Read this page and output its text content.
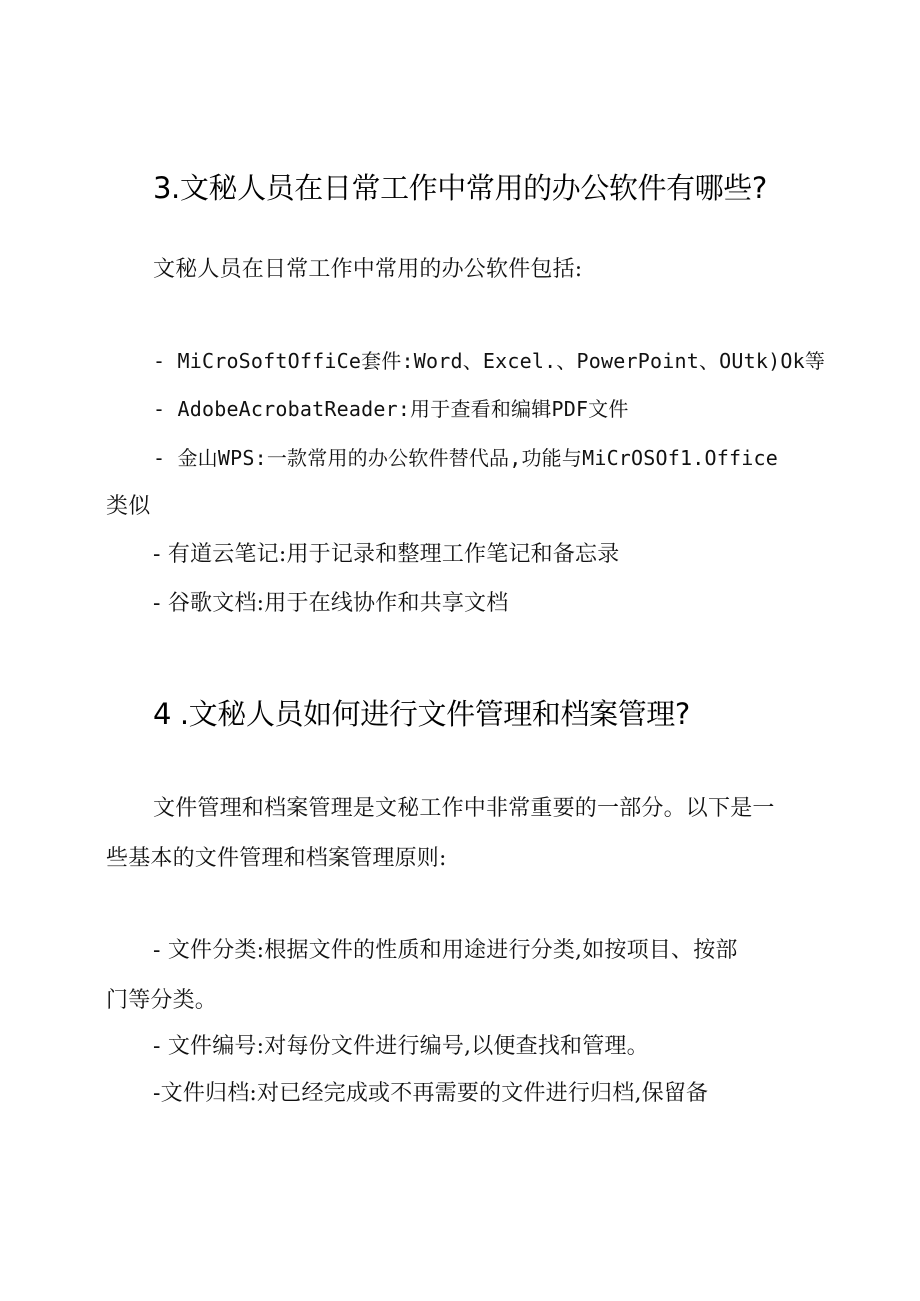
3.文秘人员在日常工作中常用的办公软件有哪些?
文秘人员在日常工作中常用的办公软件包括:
- MiCroSoftOffiCe套件:Word、Excel.、PowerPoint、OUtk)Ok等
- AdobeAcrobatReader:用于查看和编辑PDF文件
- 金山WPS:一款常用的办公软件替代品,功能与MiCrOSOf1.Office
类似
- 有道云笔记:用于记录和整理工作笔记和备忘录
- 谷歌文档:用于在线协作和共享文档
4 .文秘人员如何进行文件管理和档案管理?
文件管理和档案管理是文秘工作中非常重要的一部分。以下是一
些基本的文件管理和档案管理原则:
- 文件分类:根据文件的性质和用途进行分类,如按项目、按部
门等分类。
- 文件编号:对每份文件进行编号,以便查找和管理。
-文件归档:对已经完成或不再需要的文件进行归档,保留备
